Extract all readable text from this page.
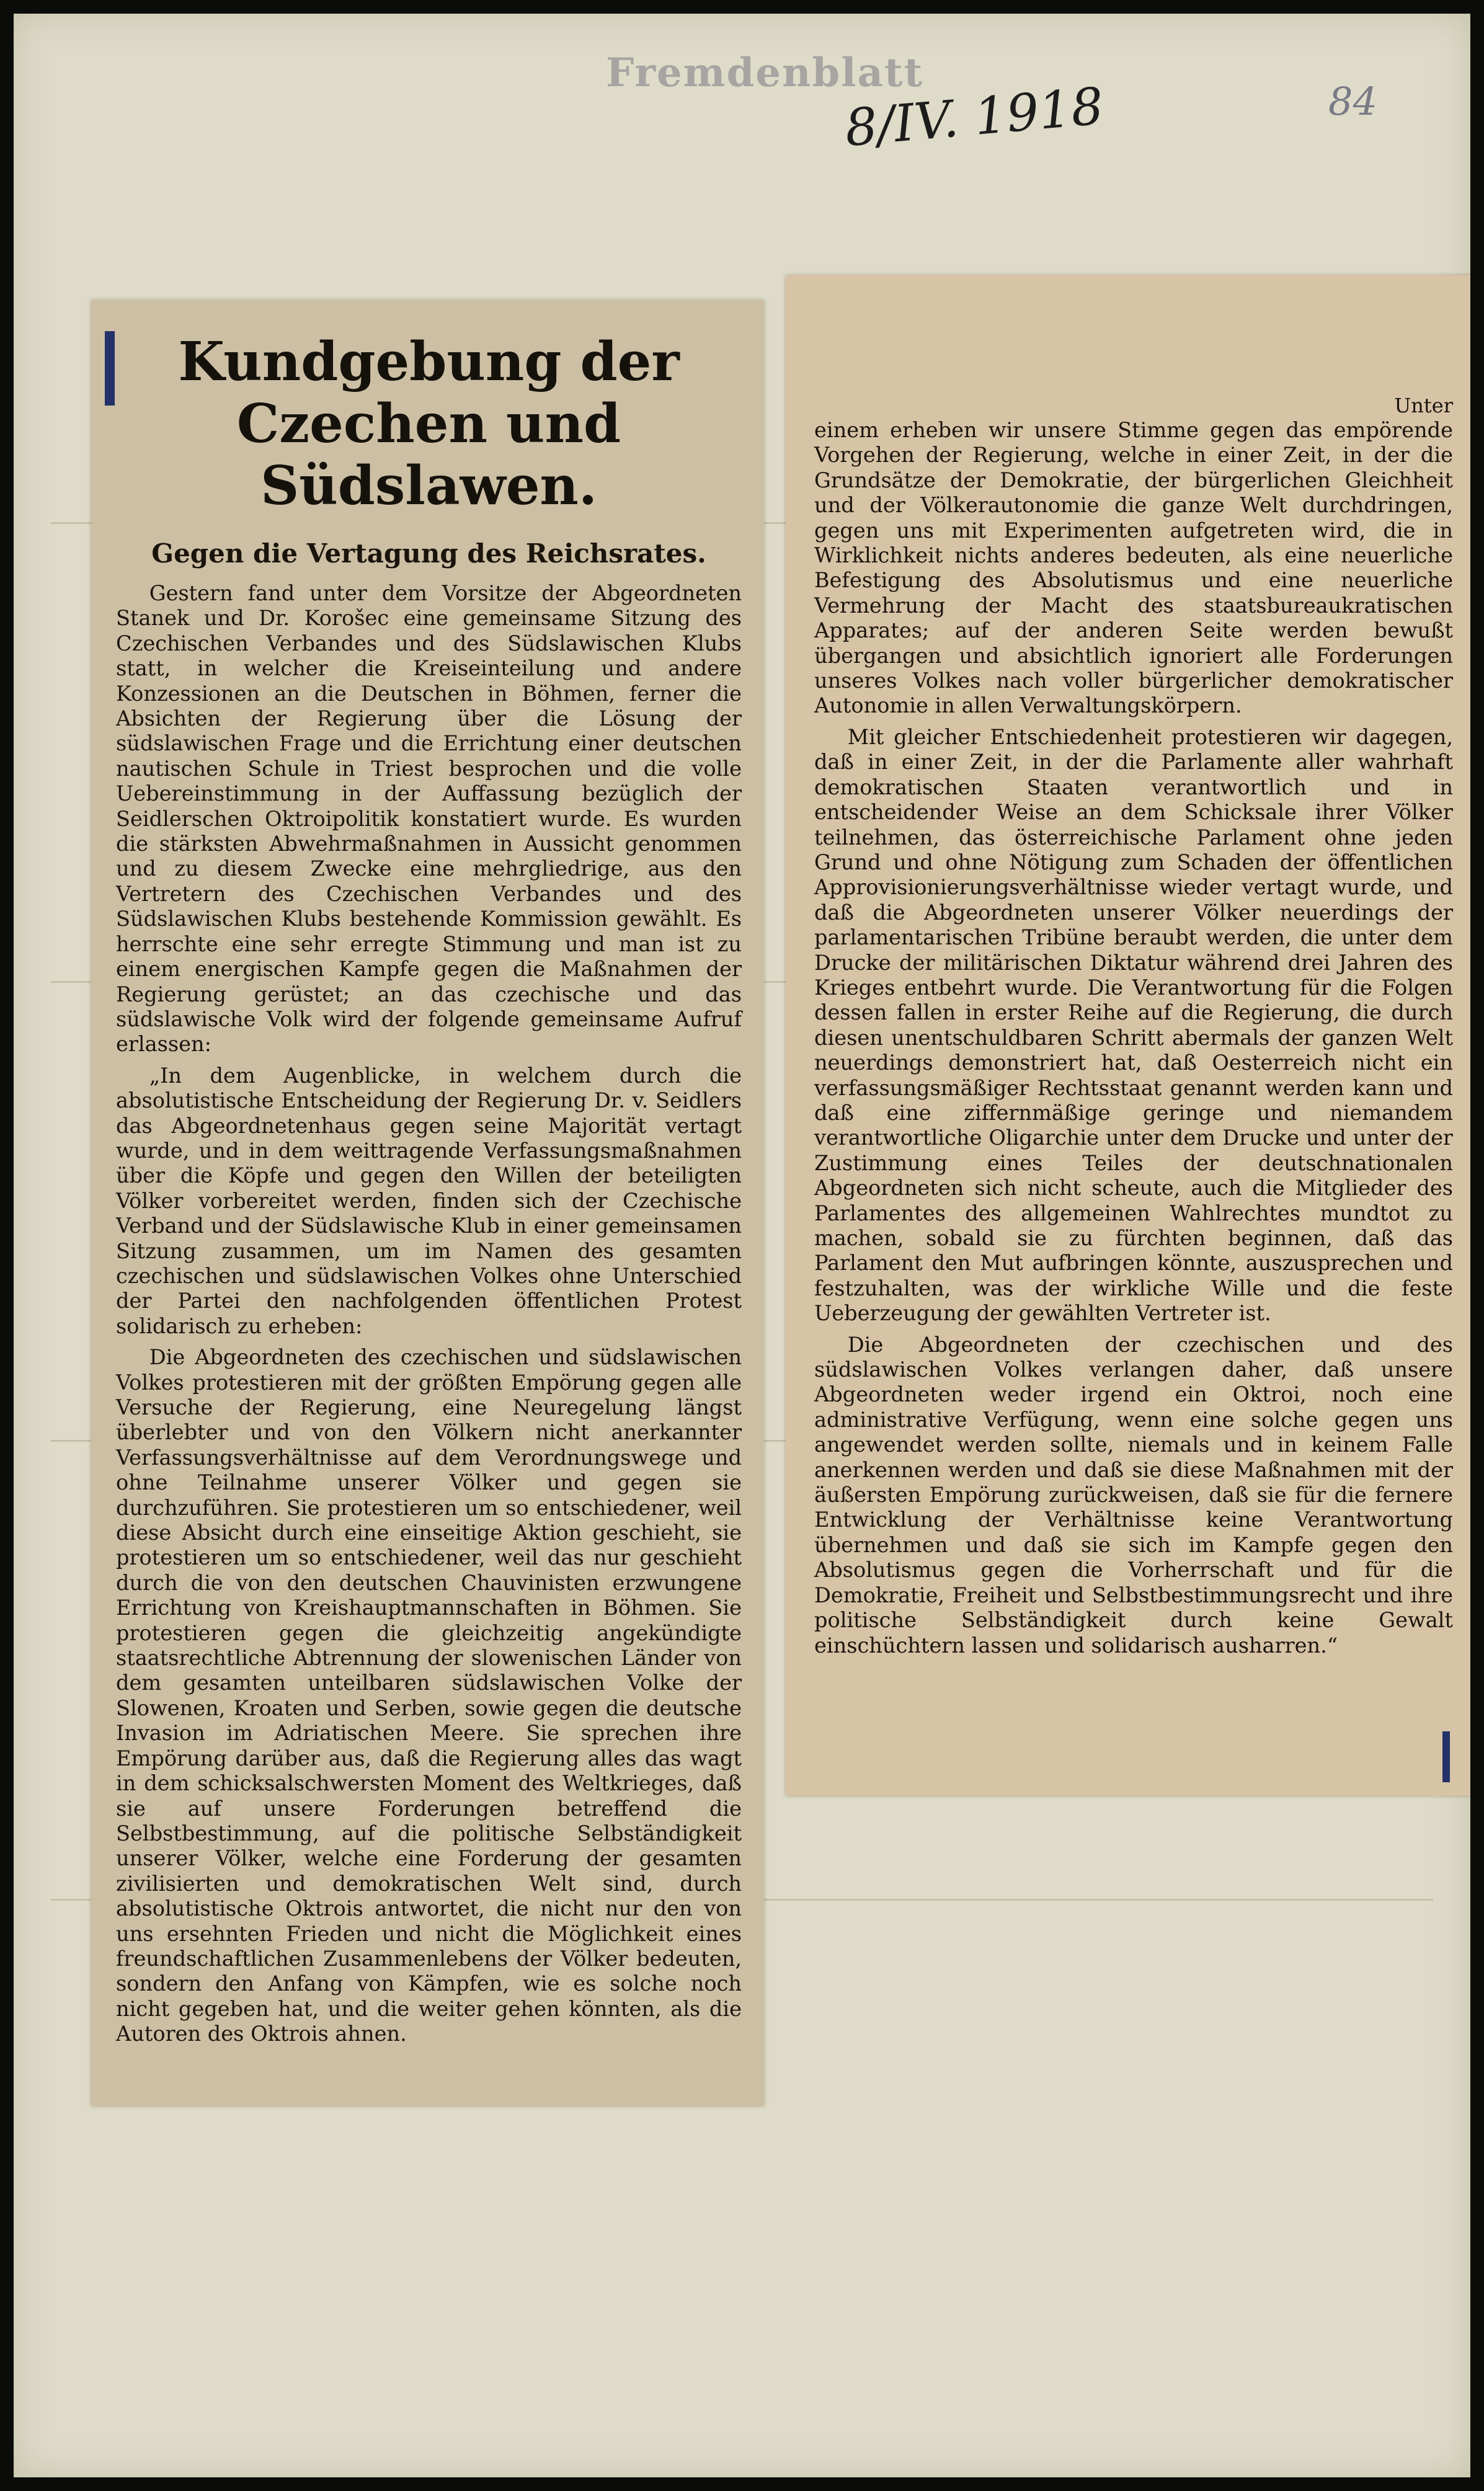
Fremdenblatt
8/IV. 1918	84
Kundgebung der Czechen und Südslawen.
Gegen die Vertagung des Reichsrates.

Gestern fand unter dem Vorsitze der Abgeordneten Stanek und Dr. Korošec eine gemeinsame Sitzung des Czechischen Verbandes und des Südslawischen Klubs statt, in welcher die Kreiseinteilung und andere Konzessionen an die Deutschen in Böhmen, ferner die Absichten der Regierung über die Lösung der südslawischen Frage und die Errichtung einer deutschen nautischen Schule in Triest besprochen und die volle Uebereinstimmung in der Auffassung bezüglich der Seidlerschen Oktroipolitik konstatiert wurde. Es wurden die stärksten Abwehrmaßnahmen in Aussicht genommen und zu diesem Zwecke eine mehrgliedrige, aus den Vertretern des Czechischen Verbandes und des Südslawischen Klubs bestehende Kommission gewählt. Es herrschte eine sehr erregte Stimmung und man ist zu einem energischen Kampfe gegen die Maßnahmen der Regierung gerüstet; an das czechische und das südslawische Volk wird der folgende gemeinsame Aufruf erlassen:

„In dem Augenblicke, in welchem durch die absolutistische Entscheidung der Regierung Dr. v. Seidlers das Abgeordnetenhaus gegen seine Majorität vertagt wurde, und in dem weittragende Verfassungsmaßnahmen über die Köpfe und gegen den Willen der beteiligten Völker vorbereitet werden, finden sich der Czechische Verband und der Südslawische Klub in einer gemeinsamen Sitzung zusammen, um im Namen des gesamten czechischen und südslawischen Volkes ohne Unterschied der Partei den nachfolgenden öffentlichen Protest solidarisch zu erheben:

Die Abgeordneten des czechischen und südslawischen Volkes protestieren mit der größten Empörung gegen alle Versuche der Regierung, eine Neuregelung längst überlebter und von den Völkern nicht anerkannter Verfassungsverhältnisse auf dem Verordnungswege und ohne Teilnahme unserer Völker und gegen sie durchzuführen. Sie protestieren um so entschiedener, weil diese Absicht durch eine einseitige Aktion geschieht, sie protestieren um so entschiedener, weil das nur geschieht durch die von den deutschen Chauvinisten erzwungene Errichtung von Kreishauptmannschaften in Böhmen. Sie protestieren gegen die gleichzeitig angekündigte staatsrechtliche Abtrennung der slowenischen Länder von dem gesamten unteilbaren südslawischen Volke der Slowenen, Kroaten und Serben, sowie gegen die deutsche Invasion im Adriatischen Meere. Sie sprechen ihre Empörung darüber aus, daß die Regierung alles das wagt in dem schicksalschwersten Moment des Weltkrieges, daß sie auf unsere Forderungen betreffend die Selbstbestimmung, auf die politische Selbständigkeit unserer Völker, welche eine Forderung der gesamten zivilisierten und demokratischen Welt sind, durch absolutistische Oktrois antwortet, die nicht nur den von uns ersehnten Frieden und nicht die Möglichkeit eines freundschaftlichen Zusammenlebens der Völker bedeuten, sondern den Anfang von Kämpfen, wie es solche noch nicht gegeben hat, und die weiter gehen könnten, als die Autoren des Oktrois ahnen.

Unter

einem erheben wir unsere Stimme gegen das empörende Vorgehen der Regierung, welche in einer Zeit, in der die Grundsätze der Demokratie, der bürgerlichen Gleichheit und der Völkerautonomie die ganze Welt durchdringen, gegen uns mit Experimenten aufgetreten wird, die in Wirklichkeit nichts anderes bedeuten, als eine neuerliche Befestigung des Absolutismus und eine neuerliche Vermehrung der Macht des staatsbureaukratischen Apparates; auf der anderen Seite werden bewußt übergangen und absichtlich ignoriert alle Forderungen unseres Volkes nach voller bürgerlicher demokratischer Autonomie in allen Verwaltungskörpern.

Mit gleicher Entschiedenheit protestieren wir dagegen, daß in einer Zeit, in der die Parlamente aller wahrhaft demokratischen Staaten verantwortlich und in entscheidender Weise an dem Schicksale ihrer Völker teilnehmen, das österreichische Parlament ohne jeden Grund und ohne Nötigung zum Schaden der öffentlichen Approvisionierungsverhältnisse wieder vertagt wurde, und daß die Abgeordneten unserer Völker neuerdings der parlamentarischen Tribüne beraubt werden, die unter dem Drucke der militärischen Diktatur während drei Jahren des Krieges entbehrt wurde. Die Verantwortung für die Folgen dessen fallen in erster Reihe auf die Regierung, die durch diesen unentschuldbaren Schritt abermals der ganzen Welt neuerdings demonstriert hat, daß Oesterreich nicht ein verfassungsmäßiger Rechtsstaat genannt werden kann und daß eine ziffernmäßige geringe und niemandem verantwortliche Oligarchie unter dem Drucke und unter der Zustimmung eines Teiles der deutschnationalen Abgeordneten sich nicht scheute, auch die Mitglieder des Parlamentes des allgemeinen Wahlrechtes mundtot zu machen, sobald sie zu fürchten beginnen, daß das Parlament den Mut aufbringen könnte, auszusprechen und festzuhalten, was der wirkliche Wille und die feste Ueberzeugung der gewählten Vertreter ist.

Die Abgeordneten der czechischen und des südslawischen Volkes verlangen daher, daß unsere Abgeordneten weder irgend ein Oktroi, noch eine administrative Verfügung, wenn eine solche gegen uns angewendet werden sollte, niemals und in keinem Falle anerkennen werden und daß sie diese Maßnahmen mit der äußersten Empörung zurückweisen, daß sie für die fernere Entwicklung der Verhältnisse keine Verantwortung übernehmen und daß sie sich im Kampfe gegen den Absolutismus gegen die Vorherrschaft und für die Demokratie, Freiheit und Selbstbestimmungsrecht und ihre politische Selbständigkeit durch keine Gewalt einschüchtern lassen und solidarisch ausharren.“
